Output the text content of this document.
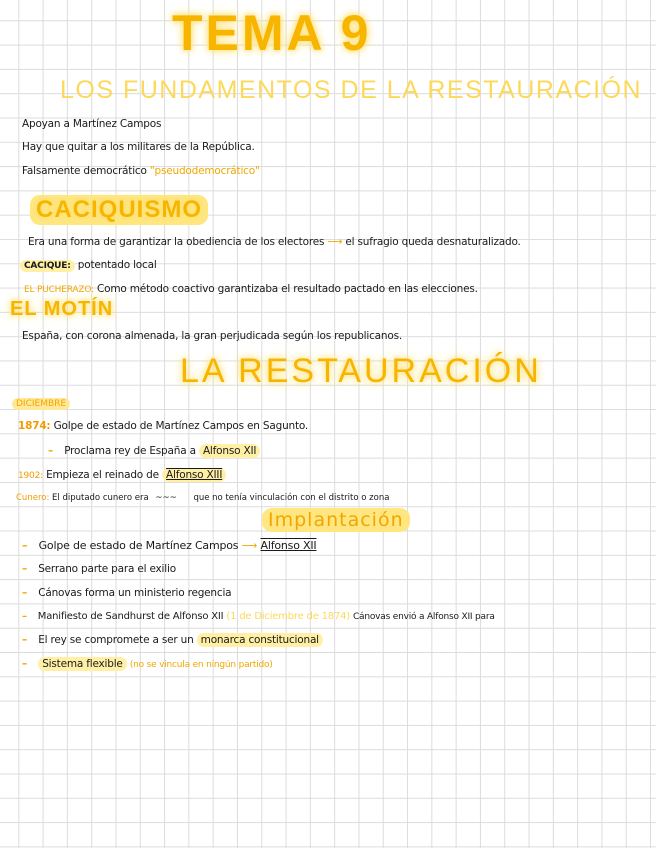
TEMA 9
LOS FUNDAMENTOS DE LA RESTAURACIÓN
Apoyan a Martínez Campos
Hay que quitar a los militares de la República.
Falsamente democrático "pseudodemocrático"
CACIQUISMO
Era una forma de garantizar la obediencia de los electores ⟶ el sufragio queda desnaturalizado.
CACIQUE: potentado local
EL PUCHERAZO: Como método coactivo garantizaba el resultado pactado en las elecciones.
EL MOTÍN
España, con corona almenada, la gran perjudicada según los republicanos.
LA RESTAURACIÓN
DICIEMBRE
1874: Golpe de estado de Martínez Campos en Sagunto.
– Proclama rey de España a Alfonso XII
1902: Empieza el reinado de Alfonso XIII
Cunero: El diputado cunero era ~~~ que no tenía vinculación con el distrito o zona
Implantación
– Golpe de estado de Martínez Campos ⟶ Alfonso XII
– Serrano parte para el exilio
– Cánovas forma un ministerio regencia
– Manifiesto de Sandhurst de Alfonso XII (1 de Diciembre de 1874) Cánovas envió a Alfonso XII para
– El rey se compromete a ser un monarca constitucional
– Sistema flexible (no se vincula en ningún partido)
